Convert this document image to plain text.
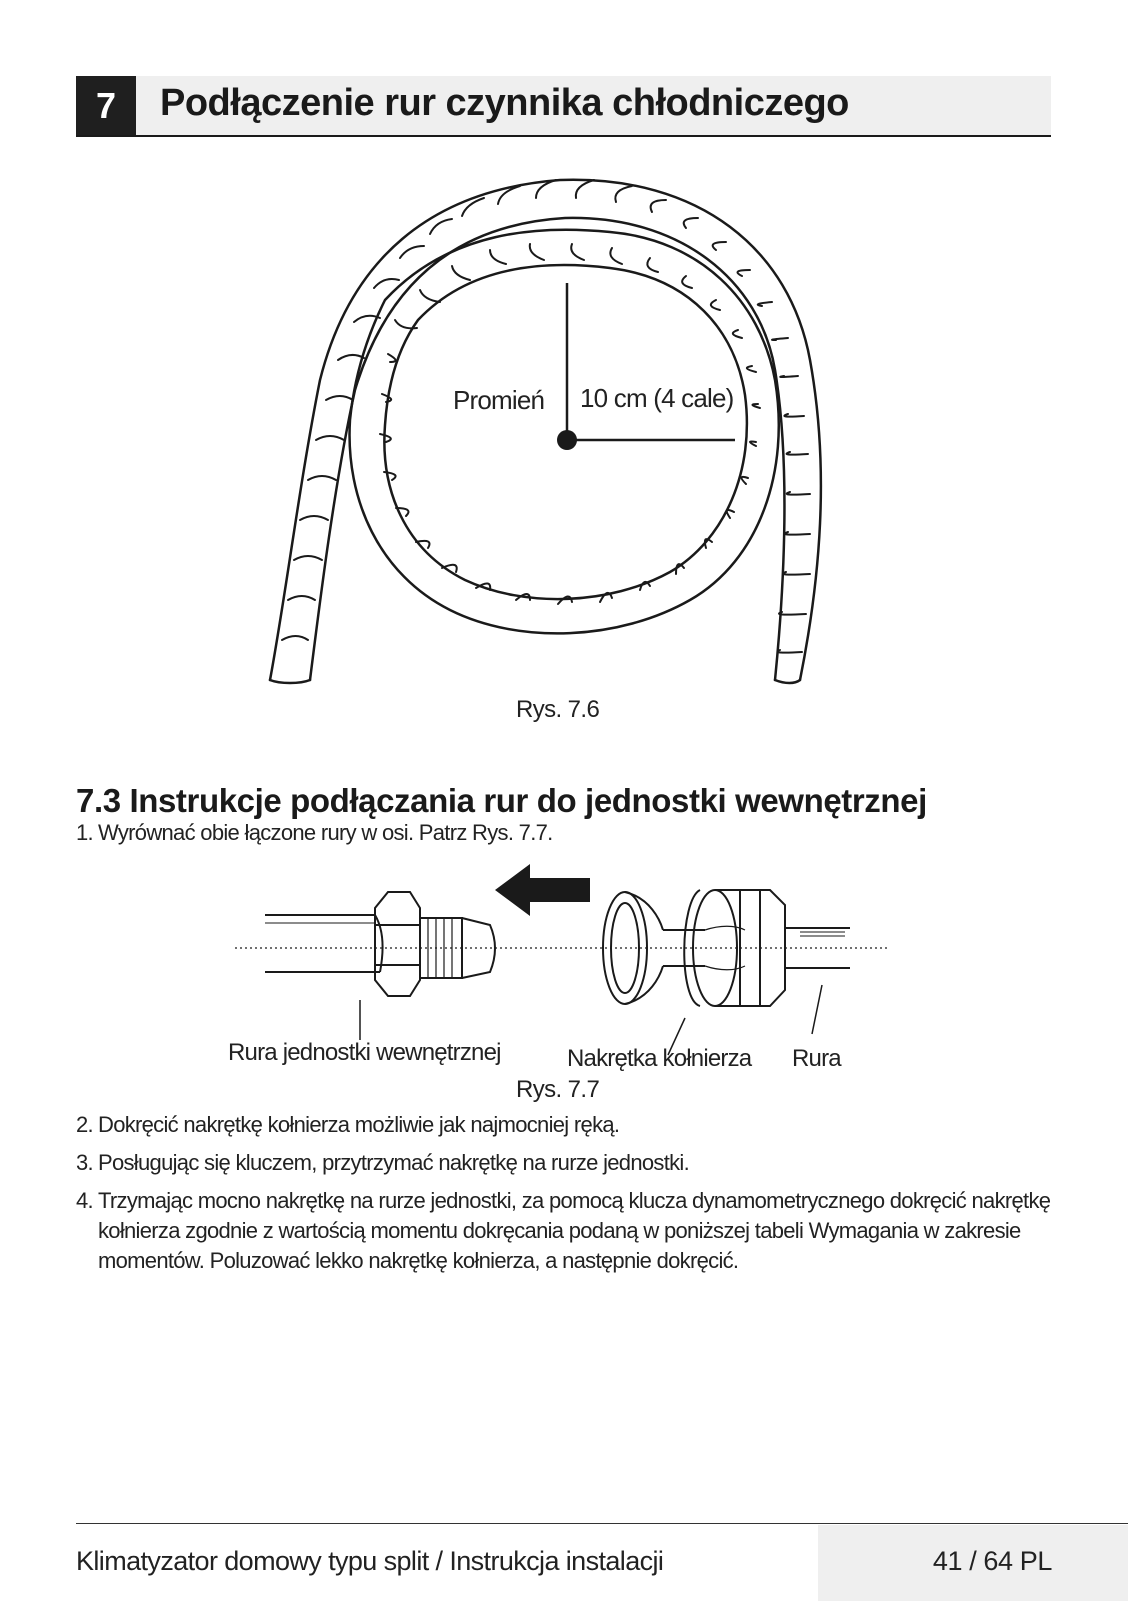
7	Podłączenie rur czynnika chłodniczego
Promień 10 cm (4 cale)
Rys. 7.6
7.3 Instrukcje podłączania rur do jednostki wewnętrznej
1. Wyrównać obie łączone rury w osi. Patrz Rys. 7.7.
2. Dokręcić nakrętkę kołnierza możliwie jak najmocniej ręką.
3. Posługując się kluczem, przytrzymać nakrętkę na rurze jednostki.
4. Trzymając mocno nakrętkę na rurze jednostki, za pomocą klucza dynamometrycznego dokręcić nakrętkę kołnierza zgodnie z wartością momentu dokręcania podaną w poniższej tabeli Wymagania w zakresie momentów. Poluzować lekko nakrętkę kołnierza, a następnie dokręcić.
Rura jednostki wewnętrznej	Nakrętka kołnierza Rura
Rys. 7.7
Klimatyzator domowy typu split / Instrukcja instalacji	41 / 64 PL
